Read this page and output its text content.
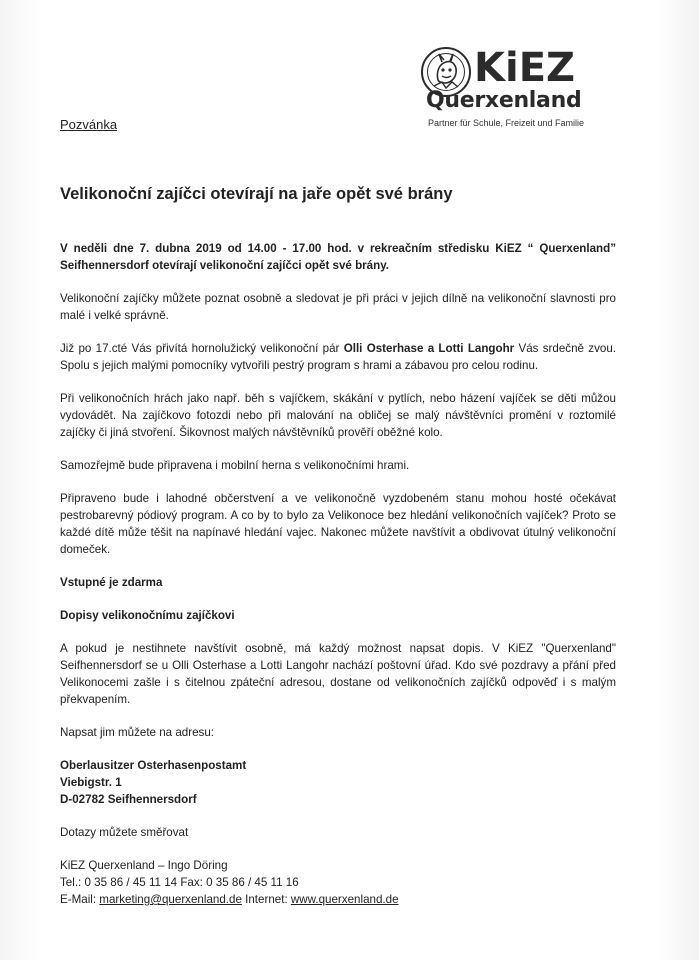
KiEZ
Querxenland
Partner für Schule, Freizeit und Familie
Pozvánka
Velikonoční zajíčci otevírají na jaře opět své brány

V neděli dne 7. dubna 2019 od 14.00 - 17.00 hod. v rekreačním středisku KiEZ “ Querxenland” Seifhennersdorf otevírají velikonoční zajíčci opět své brány.

Velikonoční zajíčky můžete poznat osobně a sledovat je při práci v jejich dílně na velikonoční slavnosti pro malé i velké správně.

Již po 17.cté Vás přivítá hornolužický velikonoční pár Olli Osterhase a Lotti Langohr Vás srdečně zvou. Spolu s jejich malými pomocníky vytvořili pestrý program s hrami a zábavou pro celou rodinu.

Při velikonočních hrách jako např. běh s vajíčkem, skákání v pytlích, nebo házení vajíček se děti můžou vydovádět. Na zajíčkovo fotozdi nebo při malování na obličej se malý návštěvníci promění v roztomilé zajíčky či jiná stvoření. Šikovnost malých návštěvníků prověří oběžné kolo.

Samozřejmě bude připravena i mobilní herna s velikonočními hrami.

Připraveno bude i lahodné občerstvení a ve velikonočně vyzdobeném stanu mohou hosté očekávat pestrobarevný pódiový program. A co by to bylo za Velikonoce bez hledání velikonočních vajíček? Proto se každé dítě může těšit na napínavé hledání vajec. Nakonec můžete navštívit a obdivovat útulný velikonoční domeček.

Vstupné je zdarma

Dopisy velikonočnímu zajíčkovi

A pokud je nestihnete navštívit osobně, má každý možnost napsat dopis. V KiEZ "Querxenland" Seifhennersdorf se u Olli Osterhase a Lotti Langohr nachází poštovní úřad. Kdo své pozdravy a přání před Velikonocemi zašle i s čitelnou zpáteční adresou, dostane od velikonočních zajíčků odpověď i s malým překvapením.

Napsat jim můžete na adresu:

Oberlausitzer Osterhasenpostamt
Viebigstr. 1
D-02782 Seifhennersdorf

Dotazy můžete směřovat

KiEZ Querxenland – Ingo Döring
Tel.: 0 35 86 / 45 11 14 Fax: 0 35 86 / 45 11 16
E-Mail: marketing@querxenland.de Internet: www.querxenland.de
